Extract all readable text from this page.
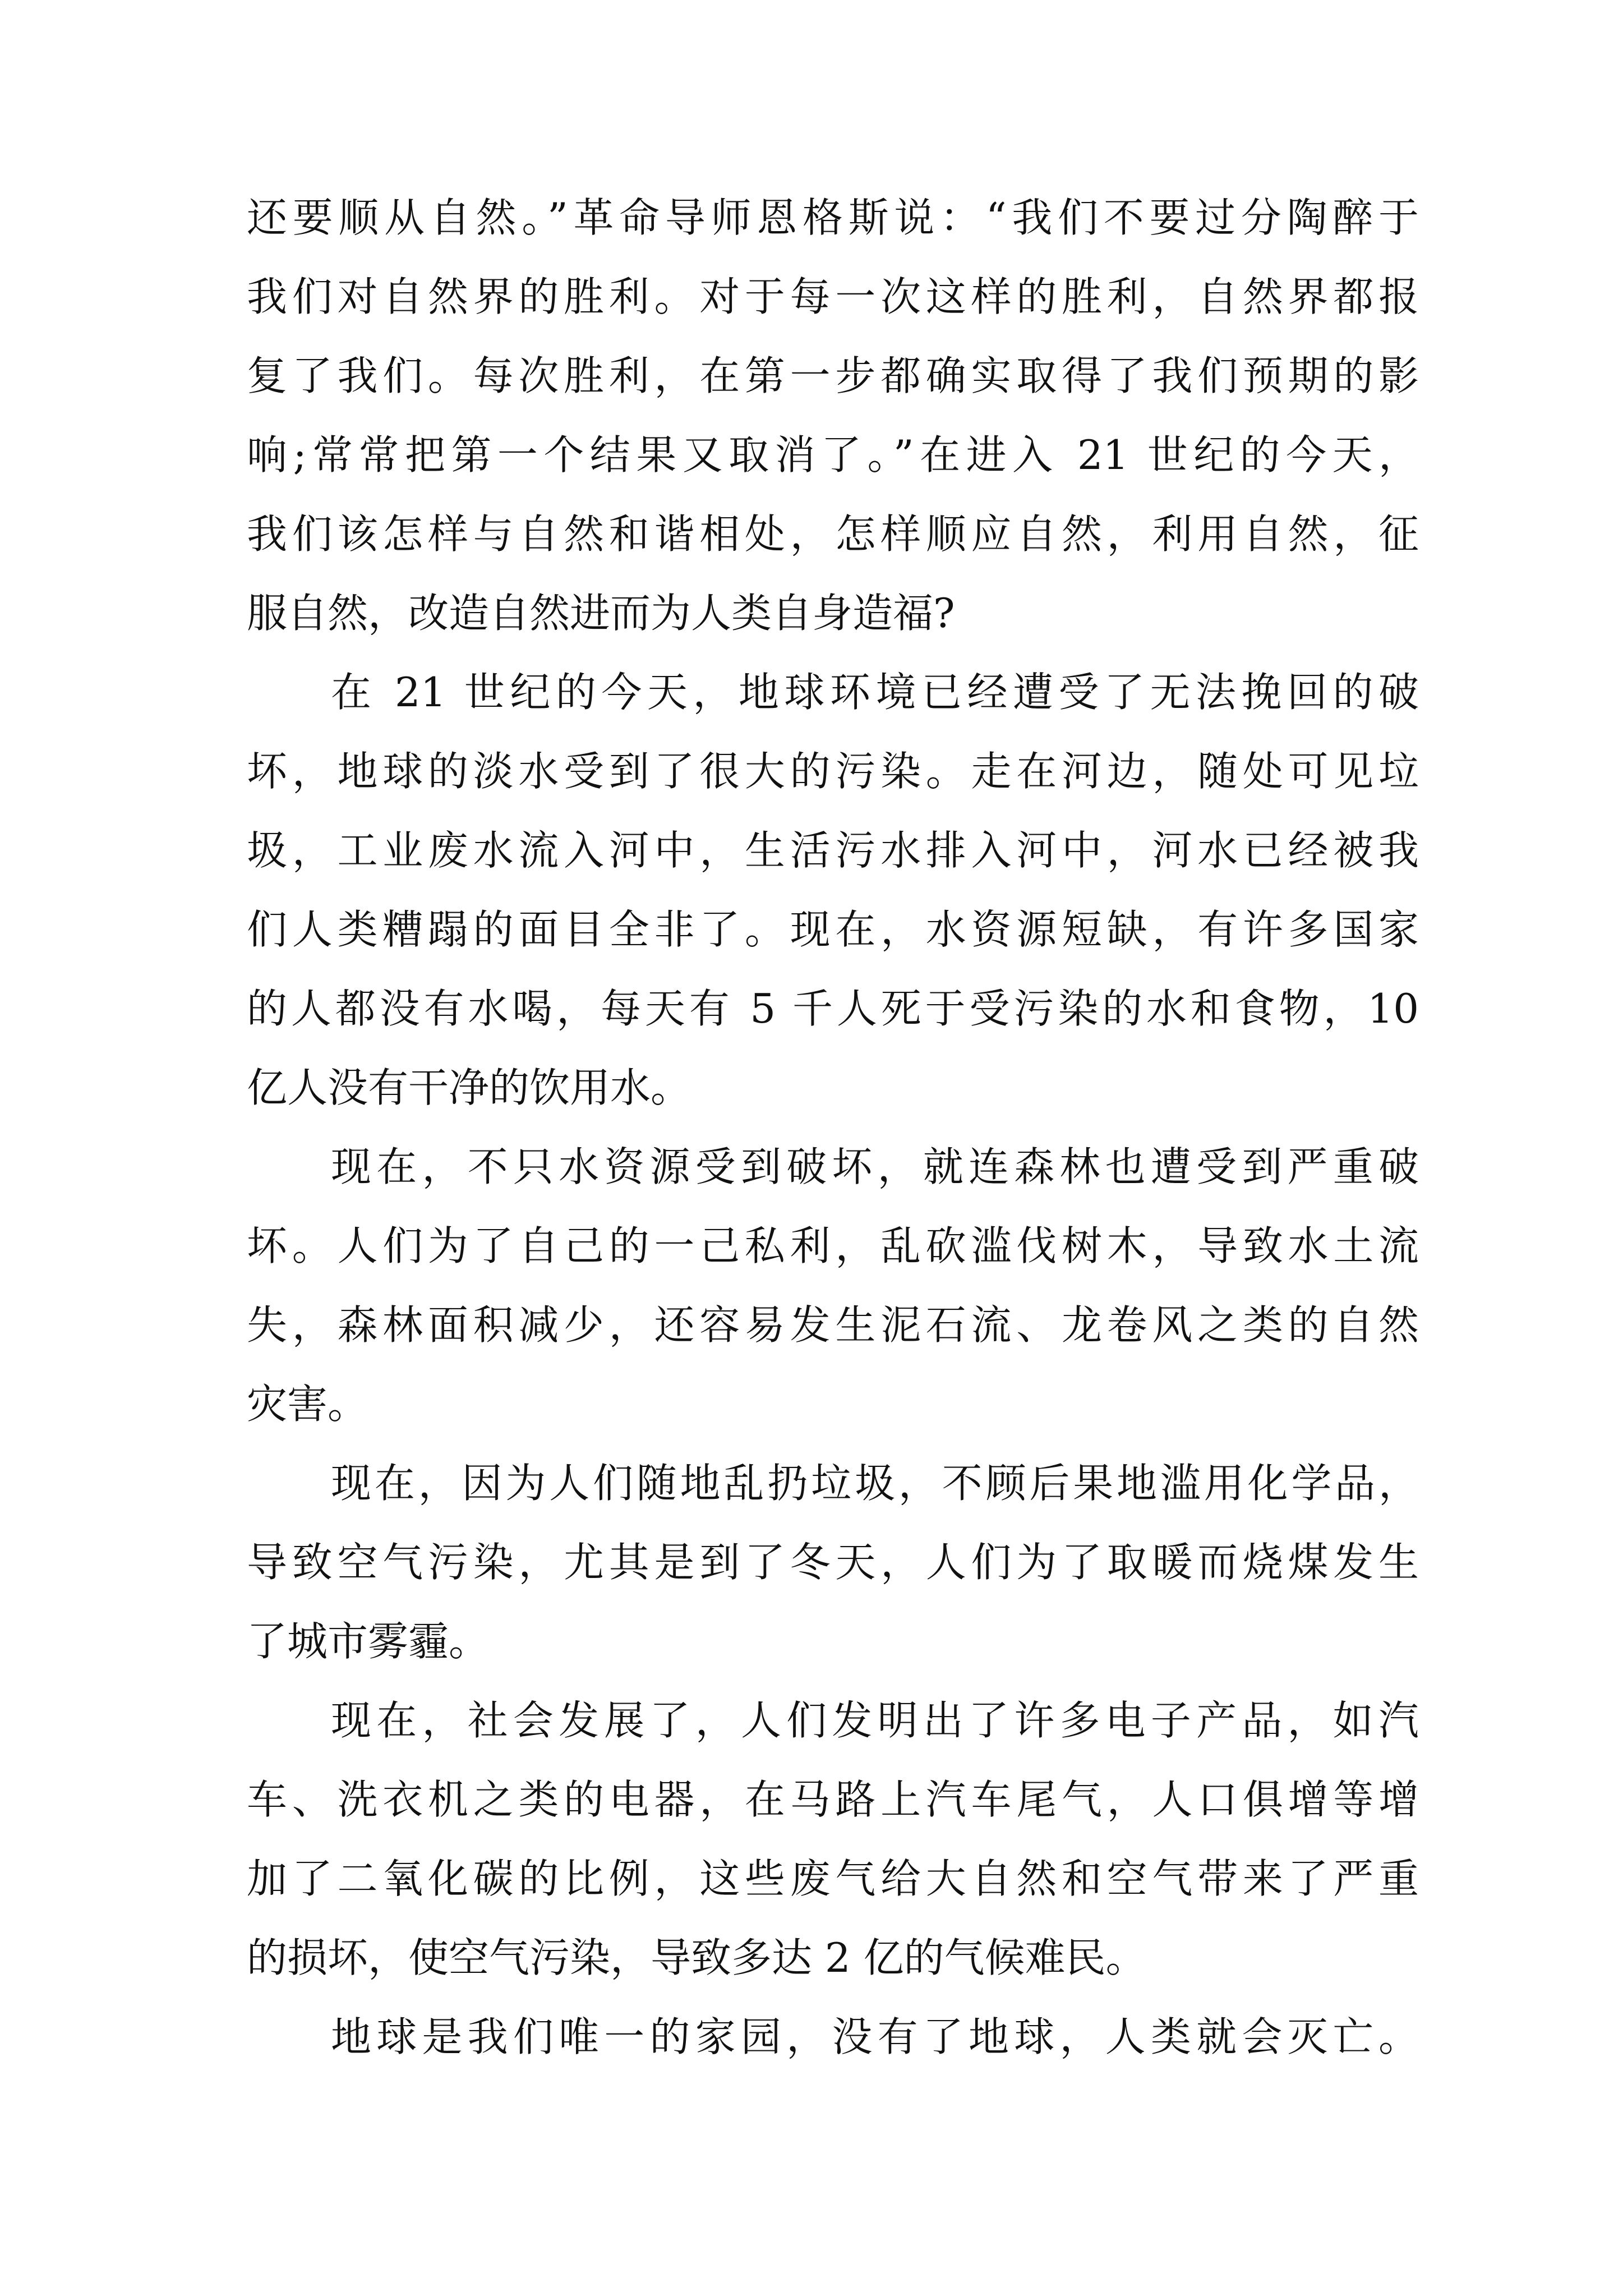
还要顺从自然。”革命导师恩格斯说：“我们不要过分陶醉于
我们对自然界的胜利。对于每一次这样的胜利，自然界都报
复了我们。每次胜利，在第一步都确实取得了我们预期的影
响;常常把第一个结果又取消了。”在进入 21 世纪的今天，
我们该怎样与自然和谐相处，怎样顺应自然，利用自然，征
服自然，改造自然进而为人类自身造福?
在 21 世纪的今天，地球环境已经遭受了无法挽回的破
坏，地球的淡水受到了很大的污染。走在河边，随处可见垃
圾，工业废水流入河中，生活污水排入河中，河水已经被我
们人类糟蹋的面目全非了。现在，水资源短缺，有许多国家
的人都没有水喝，每天有 5 千人死于受污染的水和食物，10
亿人没有干净的饮用水。
现在，不只水资源受到破坏，就连森林也遭受到严重破
坏。人们为了自己的一己私利，乱砍滥伐树木，导致水土流
失，森林面积减少，还容易发生泥石流、龙卷风之类的自然
灾害。
现在，因为人们随地乱扔垃圾，不顾后果地滥用化学品，
导致空气污染，尤其是到了冬天，人们为了取暖而烧煤发生
了城市雾霾。
现在，社会发展了，人们发明出了许多电子产品，如汽
车、洗衣机之类的电器，在马路上汽车尾气，人口俱增等增
加了二氧化碳的比例，这些废气给大自然和空气带来了严重
的损坏，使空气污染，导致多达 2 亿的气候难民。
地球是我们唯一的家园，没有了地球，人类就会灭亡。
